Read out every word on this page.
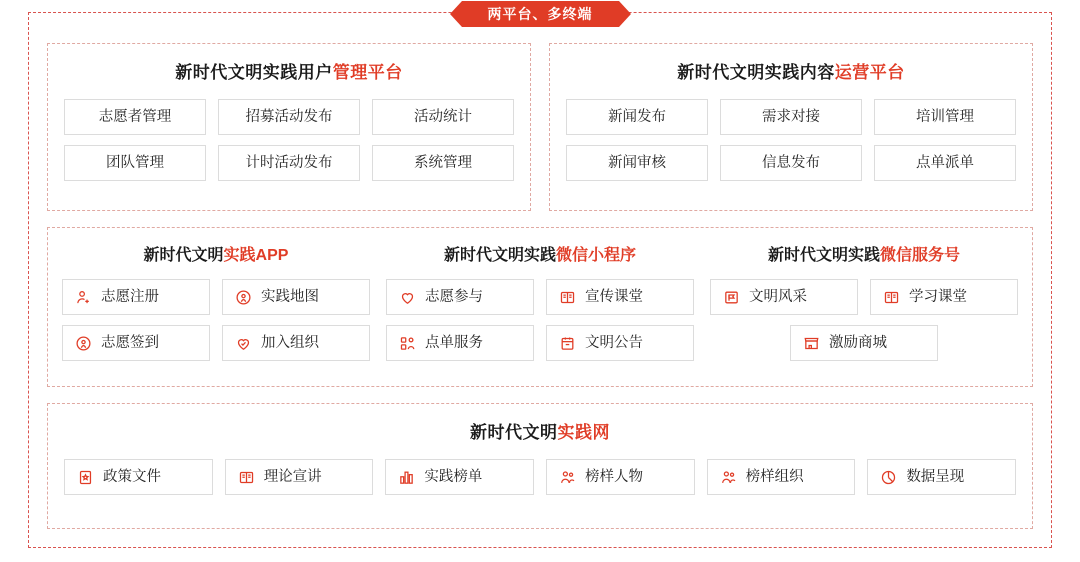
两平台、多终端
新时代文明实践用户管理平台
志愿者管理	招募活动发布	活动统计
团队管理	计时活动发布	系统管理
新时代文明实践内容运营平台
新闻发布	需求对接	培训管理
新闻审核	信息发布	点单派单
新时代文明实践APP
志愿注册	实践地图
志愿签到	加入组织
新时代文明实践微信小程序
志愿参与	宣传课堂
点单服务	文明公告
新时代文明实践微信服务号
文明风采	学习课堂
激励商城
新时代文明实践网
政策文件	理论宣讲	实践榜单	榜样人物	榜样组织	数据呈现
